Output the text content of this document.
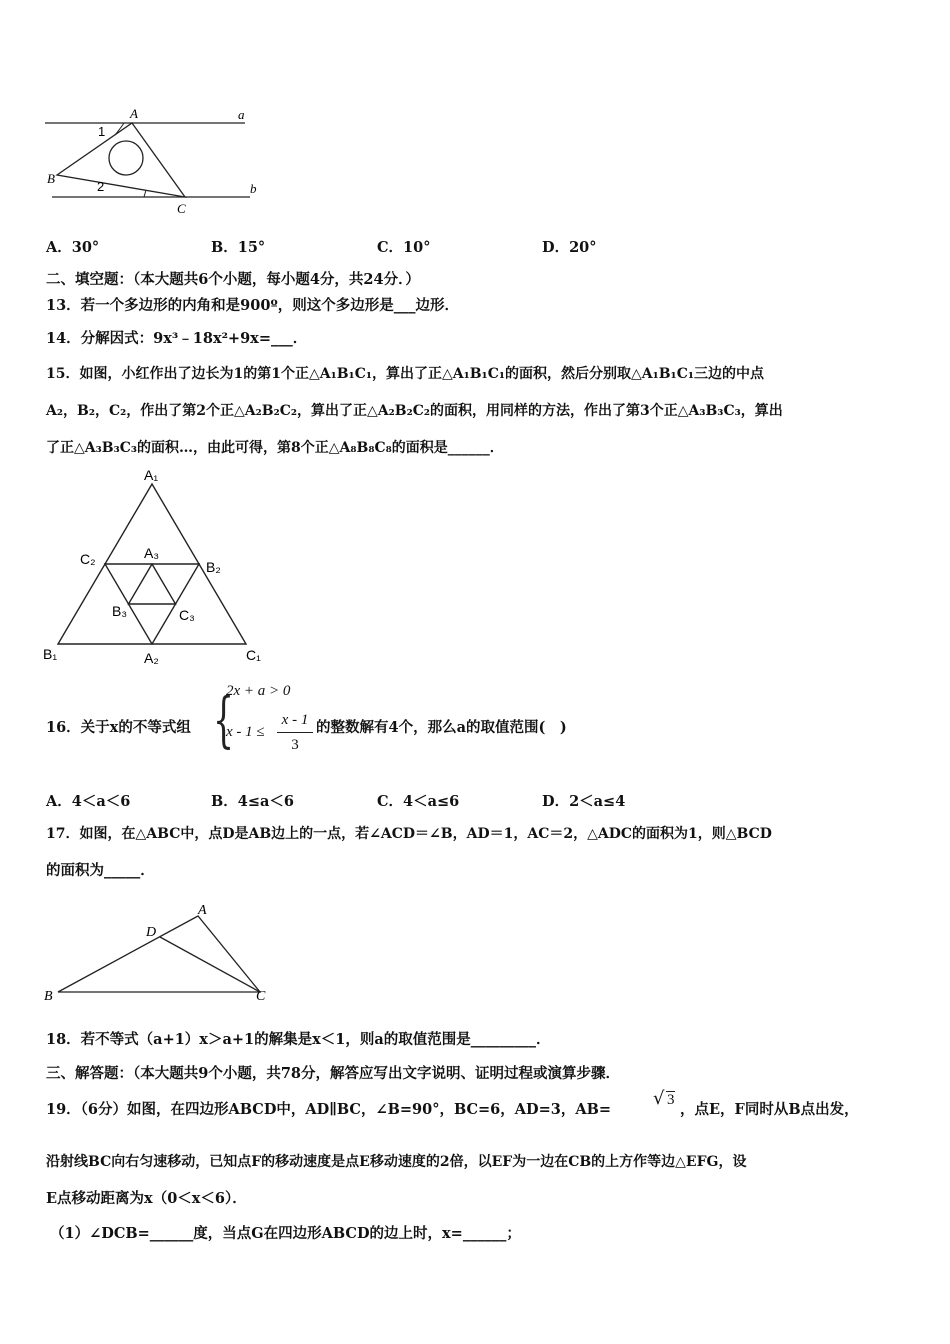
A	a
1
B
2	b
C
A．30°	B．15°	C．10°	D．20°
二、填空题：（本大题共6个小题，每小题4分，共24分．）
13．若一个多边形的内角和是900º，则这个多边形是___边形．
14．分解因式：9x³﹣18x²+9x=___．
15．如图，小红作出了边长为1的第1个正△A₁B₁C₁，算出了正△A₁B₁C₁的面积，然后分别取△A₁B₁C₁三边的中点
A₂，B₂，C₂，作出了第2个正△A₂B₂C₂，算出了正△A₂B₂C₂的面积，用同样的方法，作出了第3个正△A₃B₃C₃，算出
了正△A₃B₃C₃的面积…，由此可得，第8个正△A₈B₈C₈的面积是______．
A₁
C₂	A₃
B₂
B₃	C₃
B₁	A₂	C₁
16．关于x的不等式组 {
2x + a > 0
x - 1 ≤
x - 1
3
的整数解有4个，那么a的取值范围(　)
A．4＜a＜6	B．4≤a＜6	C．4＜a≤6	D．2＜a≤4
17．如图，在△ABC中，点D是AB边上的一点，若∠ACD＝∠B，AD＝1，AC＝2，△ADC的面积为1，则△BCD
的面积为_____．
A
D
B	C
18．若不等式（a+1）x＞a+1的解集是x＜1，则a的取值范围是_________．
三、解答题：（本大题共9个小题，共78分，解答应写出文字说明、证明过程或演算步骤．
19．（6分）如图，在四边形ABCD中，AD∥BC，∠B=90°，BC=6，AD=3，AB=
√ 3
，点E，F同时从B点出发，
沿射线BC向右匀速移动，已知点F的移动速度是点E移动速度的2倍，以EF为一边在CB的上方作等边△EFG，设
E点移动距离为x（0＜x＜6）．
（1）∠DCB=______度，当点G在四边形ABCD的边上时，x=______；
